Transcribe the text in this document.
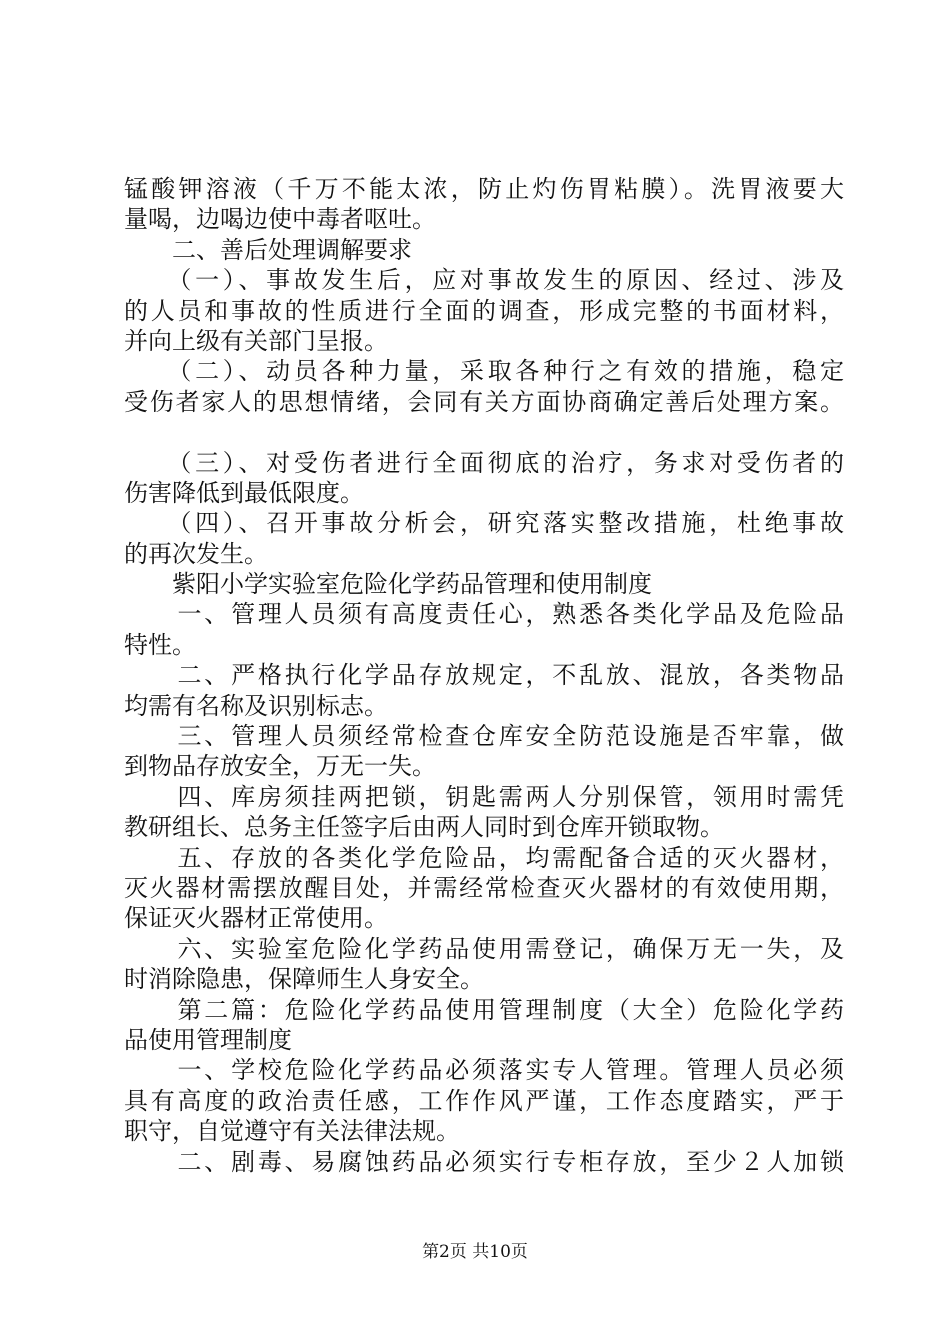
锰酸钾溶液（千万不能太浓，防止灼伤胃粘膜）。洗胃液要大
量喝，边喝边使中毒者呕吐。
　　二、善后处理调解要求
　　（一）、事故发生后，应对事故发生的原因、经过、涉及
的人员和事故的性质进行全面的调查，形成完整的书面材料，
并向上级有关部门呈报。
　　（二）、动员各种力量，采取各种行之有效的措施，稳定
受伤者家人的思想情绪，会同有关方面协商确定善后处理方案。
　　（三）、对受伤者进行全面彻底的治疗，务求对受伤者的
伤害降低到最低限度。
　　（四）、召开事故分析会，研究落实整改措施，杜绝事故
的再次发生。
　　紫阳小学实验室危险化学药品管理和使用制度
　　一、管理人员须有高度责任心，熟悉各类化学品及危险品
特性。
　　二、严格执行化学品存放规定，不乱放、混放，各类物品
均需有名称及识别标志。
　　三、管理人员须经常检查仓库安全防范设施是否牢靠，做
到物品存放安全，万无一失。
　　四、库房须挂两把锁，钥匙需两人分别保管，领用时需凭
教研组长、总务主任签字后由两人同时到仓库开锁取物。
　　五、存放的各类化学危险品，均需配备合适的灭火器材，
灭火器材需摆放醒目处，并需经常检查灭火器材的有效使用期，
保证灭火器材正常使用。
　　六、实验室危险化学药品使用需登记，确保万无一失，及
时消除隐患，保障师生人身安全。
　　第二篇：危险化学药品使用管理制度（大全）危险化学药
品使用管理制度
　　一、学校危险化学药品必须落实专人管理。管理人员必须
具有高度的政治责任感，工作作风严谨，工作态度踏实，严于
职守，自觉遵守有关法律法规。
　　二、剧毒、易腐蚀药品必须实行专柜存放，至少２人加锁
第2页 共10页
